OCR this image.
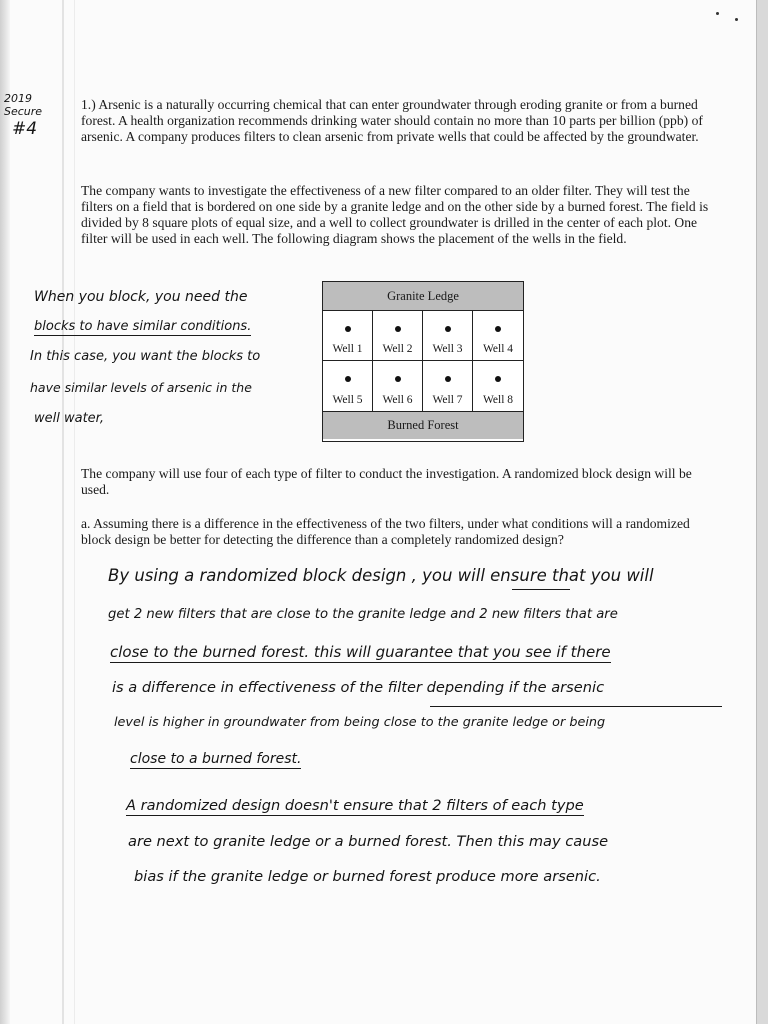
2019
Secure
#4
1.) Arsenic is a naturally occurring chemical that can enter groundwater through eroding granite or from a burned forest. A health organization recommends drinking water should contain no more than 10 parts per billion (ppb) of arsenic. A company produces filters to clean arsenic from private wells that could be affected by the groundwater.
The company wants to investigate the effectiveness of a new filter compared to an older filter. They will test the filters on a field that is bordered on one side by a granite ledge and on the other side by a burned forest. The field is divided by 8 square plots of equal size, and a well to collect groundwater is drilled in the center of each plot. One filter will be used in each well. The following diagram shows the placement of the wells in the field.
Granite Ledge
Well 1	Well 2	Well 3	Well 4
Well 5	Well 6	Well 7	Well 8
Burned Forest
When you block, you need the
blocks to have similar conditions.
In this case, you want the blocks to
have similar levels of arsenic in the
well water,
The company will use four of each type of filter to conduct the investigation. A randomized block design will be used.
a. Assuming there is a difference in the effectiveness of the two filters, under what conditions will a randomized block design be better for detecting the difference than a completely randomized design?
By using a randomized block design , you will ensure that you will
get 2 new filters that are close to the granite ledge and 2 new filters that are
close to the burned forest. this will guarantee that you see if there
is a difference in effectiveness of the filter depending if the arsenic
level is higher in groundwater from being close to the granite ledge or being
close to a burned forest.
A randomized design doesn't ensure that 2 filters of each type
are next to granite ledge or a burned forest. Then this may cause
bias if the granite ledge or burned forest produce more arsenic.
